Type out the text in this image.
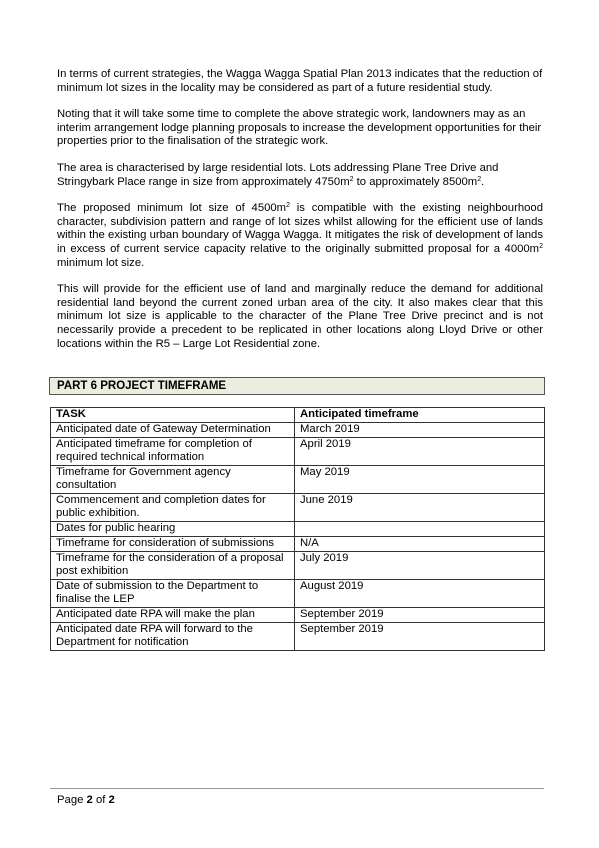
In terms of current strategies, the Wagga Wagga Spatial Plan 2013 indicates that the reduction of minimum lot sizes in the locality may be considered as part of a future residential study.

Noting that it will take some time to complete the above strategic work, landowners may as an interim arrangement lodge planning proposals to increase the development opportunities for their properties prior to the finalisation of the strategic work.

The area is characterised by large residential lots. Lots addressing Plane Tree Drive and Stringybark Place range in size from approximately $4750m^2$ to approximately $8500m^2$.

The proposed minimum lot size of $4500m^2$ is compatible with the existing neighbourhood character, subdivision pattern and range of lot sizes whilst allowing for the efficient use of lands within the existing urban boundary of Wagga Wagga. It mitigates the risk of development of lands in excess of current service capacity relative to the originally submitted proposal for a $4000m^2$ minimum lot size.

This will provide for the efficient use of land and marginally reduce the demand for additional residential land beyond the current zoned urban area of the city. It also makes clear that this minimum lot size is applicable to the character of the Plane Tree Drive precinct and is not necessarily provide a precedent to be replicated in other locations along Lloyd Drive or other locations within the R5 – Large Lot Residential zone.

PART 6 PROJECT TIMEFRAME
TASK	Anticipated timeframe
Anticipated date of Gateway Determination	March 2019
Anticipated timeframe for completion of required technical information	April 2019
Timeframe for Government agency consultation	May 2019
Commencement and completion dates for public exhibition.	June 2019
Dates for public hearing	
Timeframe for consideration of submissions	N/A
Timeframe for the consideration of a proposal post exhibition	July 2019
Date of submission to the Department to finalise the LEP	August 2019
Anticipated date RPA will make the plan	September 2019
Anticipated date RPA will forward to the Department for notification	September 2019
Page 2 of 2
